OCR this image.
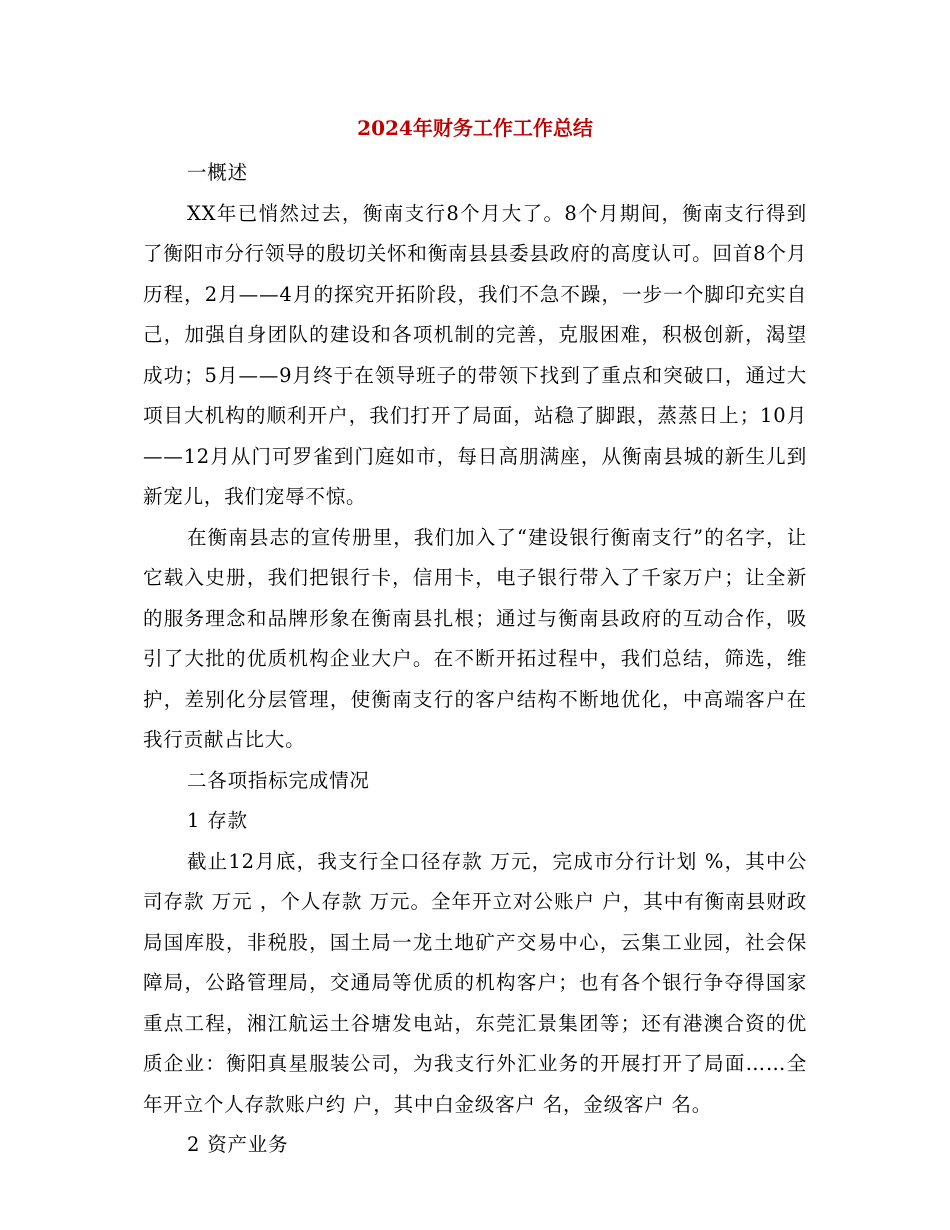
2024年财务工作工作总结

一概述

XX年已悄然过去，衡南支行8个月大了。8个月期间，衡南支行得到了衡阳市分行领导的殷切关怀和衡南县县委县政府的高度认可。回首8个月历程，2月——4月的探究开拓阶段，我们不急不躁，一步一个脚印充实自己，加强自身团队的建设和各项机制的完善，克服困难，积极创新，渴望成功；5月——9月终于在领导班子的带领下找到了重点和突破口，通过大项目大机构的顺利开户，我们打开了局面，站稳了脚跟，蒸蒸日上；10月——12月从门可罗雀到门庭如市，每日高朋满座，从衡南县城的新生儿到新宠儿，我们宠辱不惊。

在衡南县志的宣传册里，我们加入了“建设银行衡南支行”的名字，让它载入史册，我们把银行卡，信用卡，电子银行带入了千家万户；让全新的服务理念和品牌形象在衡南县扎根；通过与衡南县政府的互动合作，吸引了大批的优质机构企业大户。在不断开拓过程中，我们总结，筛选，维护，差别化分层管理，使衡南支行的客户结构不断地优化，中高端客户在我行贡献占比大。

二各项指标完成情况

1 存款

截止12月底，我支行全口径存款 万元，完成市分行计划 %，其中公司存款 万元 ，个人存款 万元。全年开立对公账户 户，其中有衡南县财政局国库股，非税股，国土局一龙土地矿产交易中心，云集工业园，社会保障局，公路管理局，交通局等优质的机构客户；也有各个银行争夺得国家重点工程，湘江航运土谷塘发电站，东莞汇景集团等；还有港澳合资的优质企业：衡阳真星服装公司，为我支行外汇业务的开展打开了局面……全年开立个人存款账户约 户，其中白金级客户 名，金级客户 名。

2 资产业务
